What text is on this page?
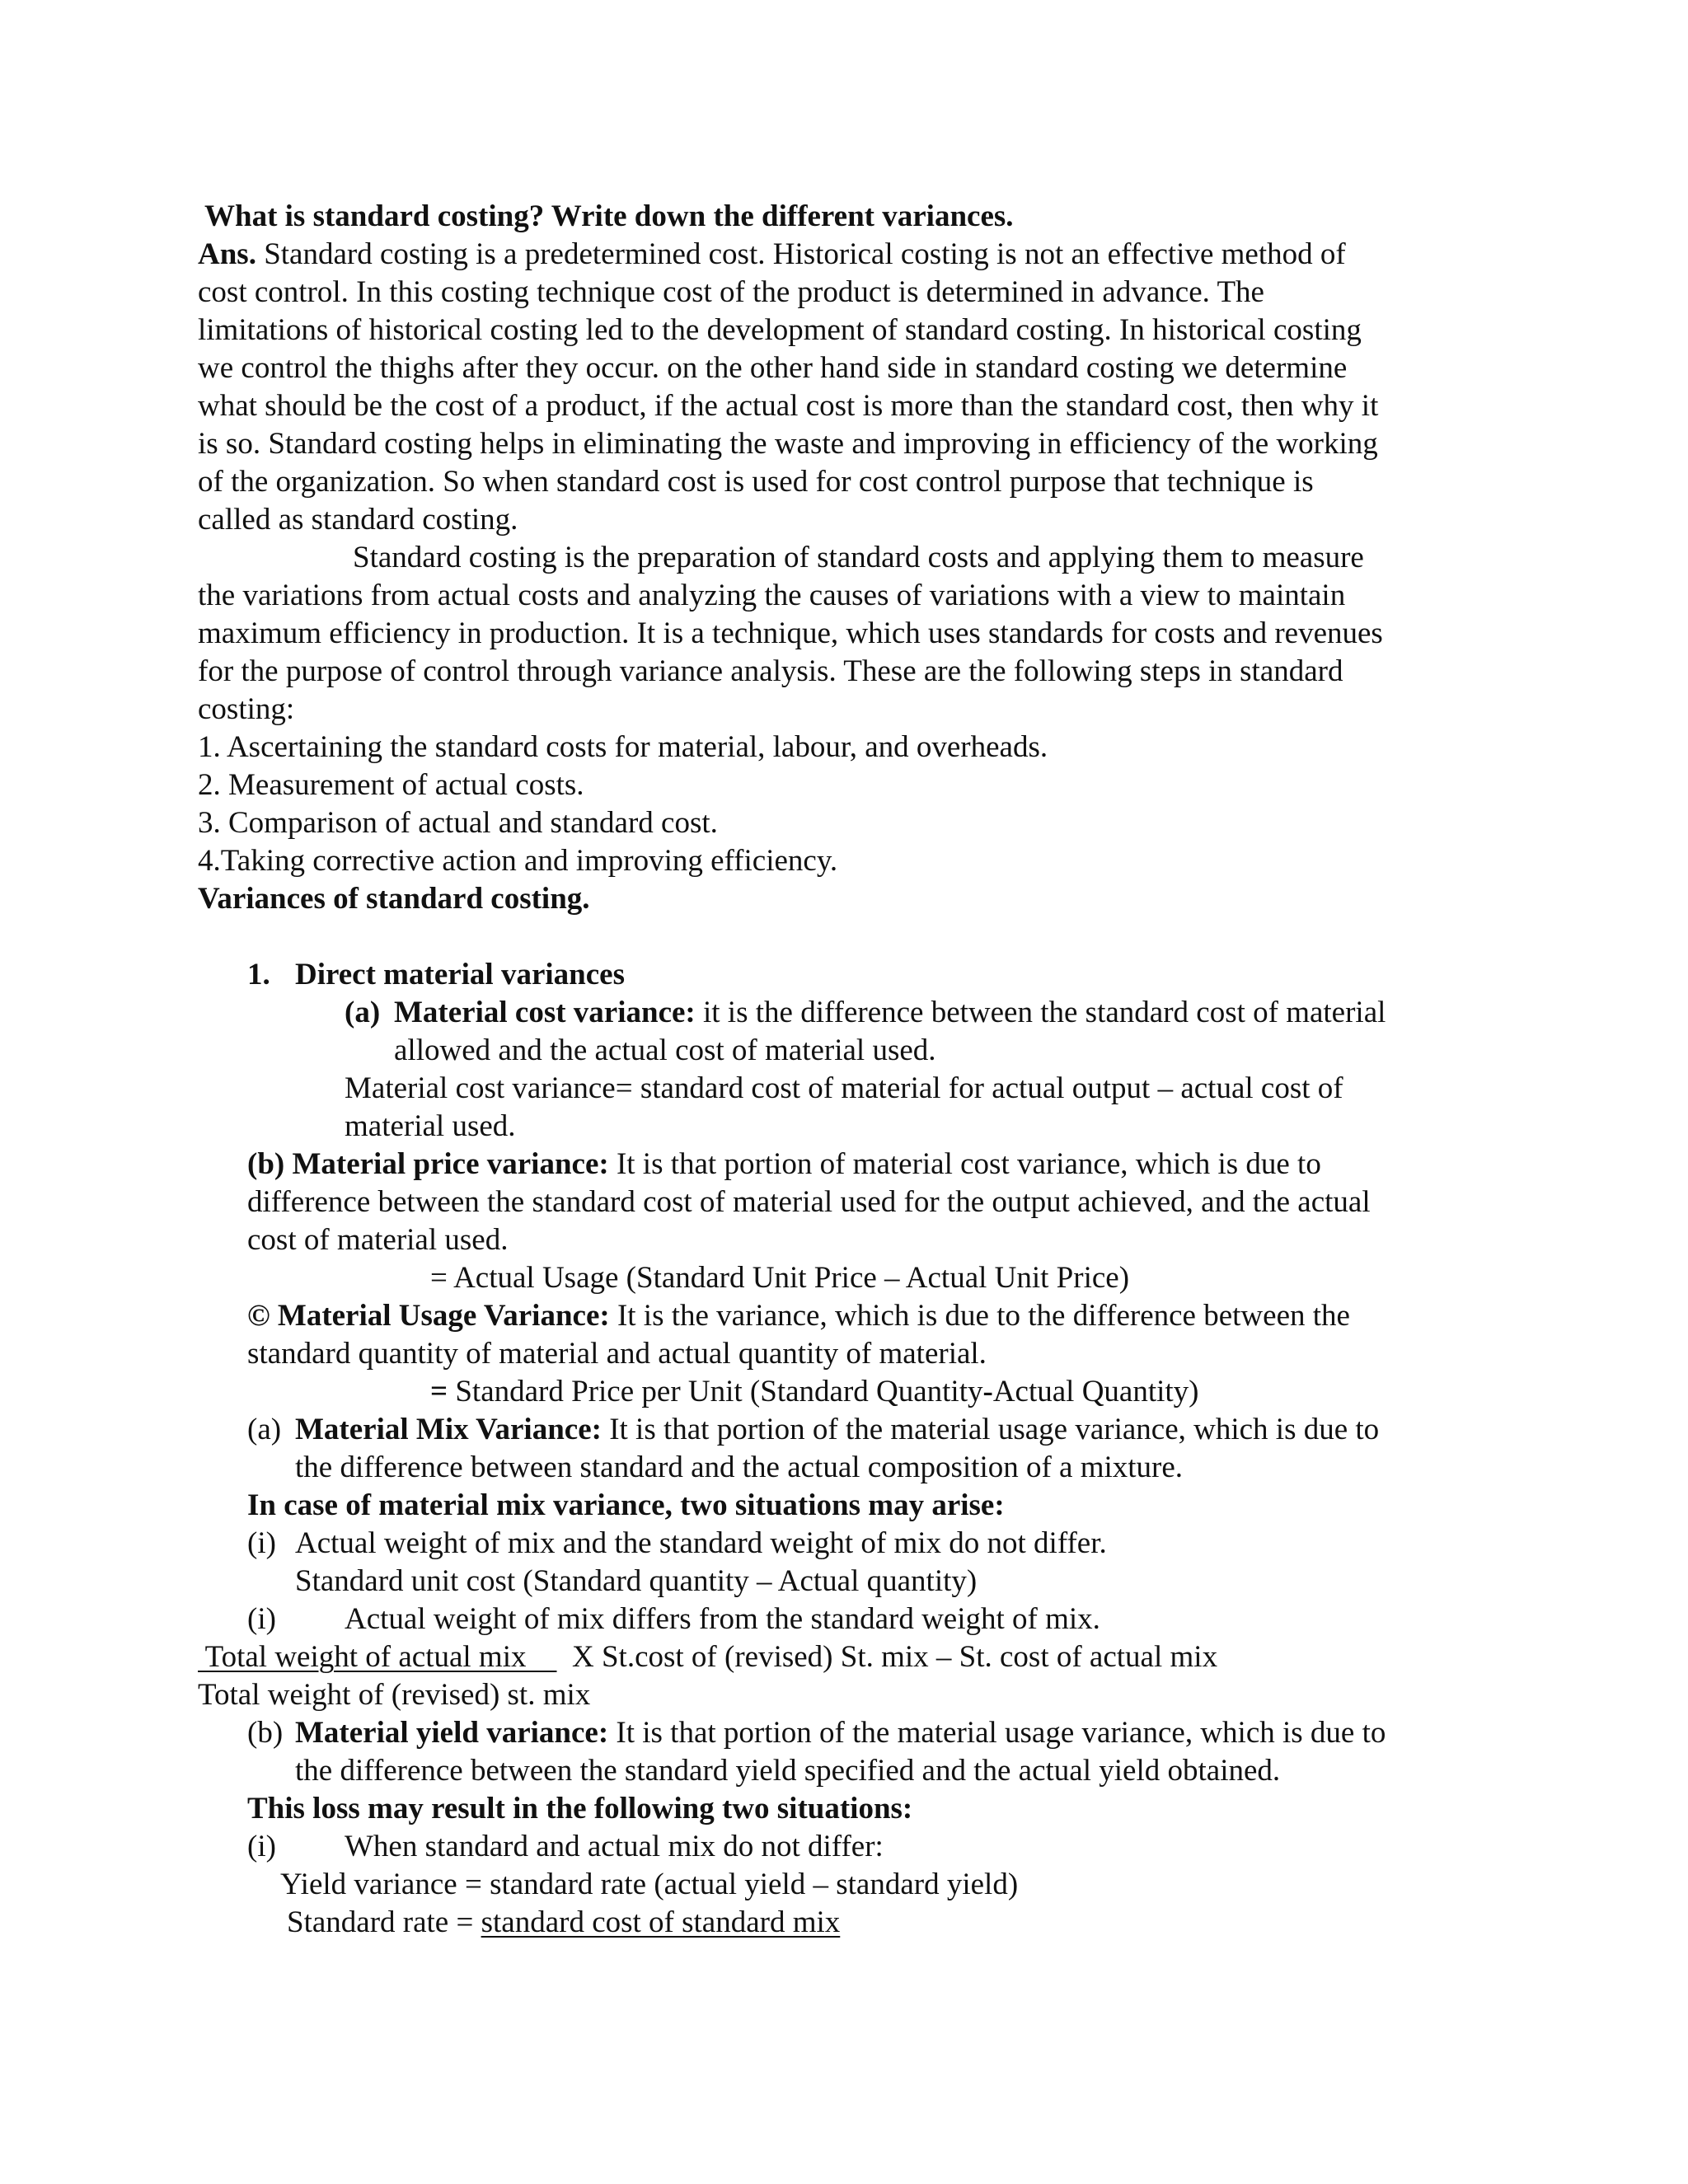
What is standard costing? Write down the different variances.
Ans. Standard costing is a predetermined cost. Historical costing is not an effective method of
cost control. In this costing technique cost of the product is determined in advance. The
limitations of historical costing led to the development of standard costing. In historical costing
we control the thighs after they occur. on the other hand side in standard costing we determine
what should be the cost of a product, if the actual cost is more than the standard cost, then why it
is so. Standard costing helps in eliminating the waste and improving in efficiency of the working
of the organization. So when standard cost is used for cost control purpose that technique is
called as standard costing.
Standard costing is the preparation of standard costs and applying them to measure
the variations from actual costs and analyzing the causes of variations with a view to maintain
maximum efficiency in production. It is a technique, which uses standards for costs and revenues
for the purpose of control through variance analysis. These are the following steps in standard
costing:
1. Ascertaining the standard costs for material, labour, and overheads.
2. Measurement of actual costs.
3. Comparison of actual and standard cost.
4.Taking corrective action and improving efficiency.
Variances of standard costing.
1. Direct material variances
(a) Material cost variance: it is the difference between the standard cost of material
allowed and the actual cost of material used.
Material cost variance= standard cost of material for actual output – actual cost of
material used.
(b) Material price variance: It is that portion of material cost variance, which is due to
difference between the standard cost of material used for the output achieved, and the actual
cost of material used.
= Actual Usage (Standard Unit Price – Actual Unit Price)
© Material Usage Variance: It is the variance, which is due to the difference between the
standard quantity of material and actual quantity of material.
= Standard Price per Unit (Standard Quantity-Actual Quantity)
(a) Material Mix Variance: It is that portion of the material usage variance, which is due to
the difference between standard and the actual composition of a mixture.
In case of material mix variance, two situations may arise:
(i) Actual weight of mix and the standard weight of mix do not differ.
Standard unit cost (Standard quantity – Actual quantity)
(i) Actual weight of mix differs from the standard weight of mix.
Total weight of actual mix      X St.cost of (revised) St. mix – St. cost of actual mix
Total weight of (revised) st. mix
(b) Material yield variance: It is that portion of the material usage variance, which is due to
the difference between the standard yield specified and the actual yield obtained.
This loss may result in the following two situations:
(i) When standard and actual mix do not differ:
Yield variance = standard rate (actual yield – standard yield)
Standard rate = standard cost of standard mix
